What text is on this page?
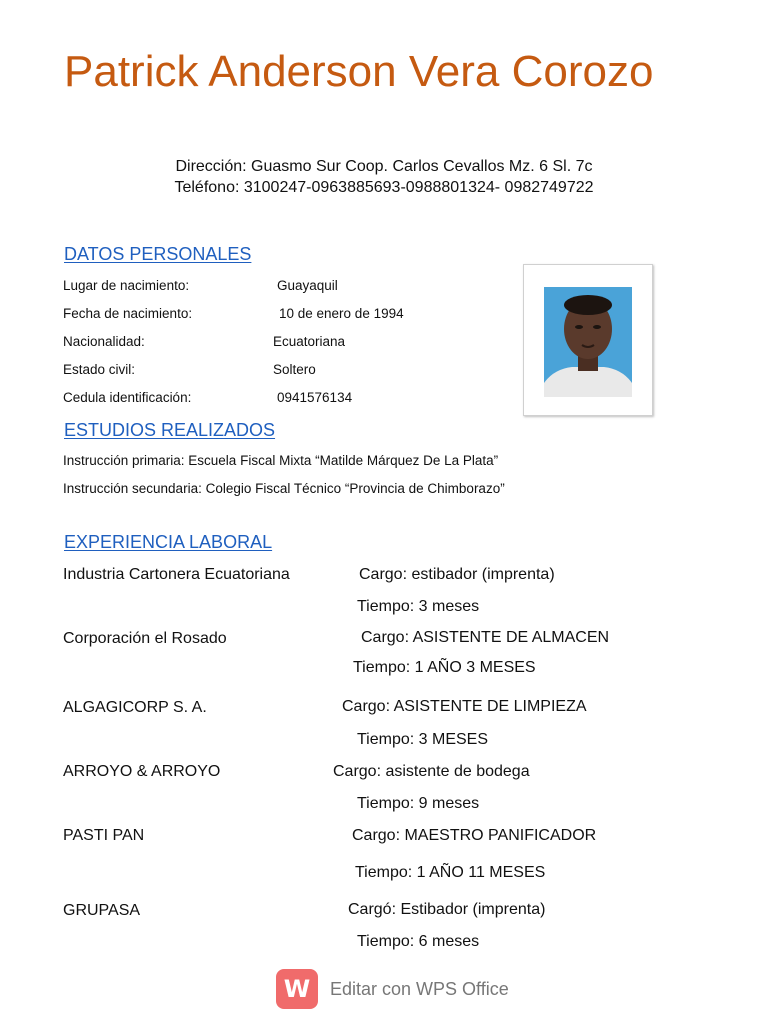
Patrick Anderson Vera Corozo
Dirección: Guasmo Sur Coop. Carlos Cevallos Mz. 6 Sl. 7c
Teléfono: 3100247-0963885693-0988801324- 0982749722
DATOS PERSONALES
Lugar de nacimiento:	Guayaquil
Fecha de nacimiento:	10 de enero de 1994
Nacionalidad:	Ecuatoriana
Estado civil:	Soltero
Cedula identificación:	0941576134
ESTUDIOS REALIZADOS
Instrucción primaria: Escuela Fiscal Mixta “Matilde Márquez De La Plata”
Instrucción secundaria: Colegio Fiscal Técnico “Provincia de Chimborazo”
EXPERIENCIA LABORAL
Industria Cartonera Ecuatoriana	Cargo: estibador (imprenta)
Tiempo: 3 meses
Corporación el Rosado	Cargo: ASISTENTE DE ALMACEN
Tiempo: 1 AÑO 3 MESES
ALGAGICORP S. A.	Cargo: ASISTENTE DE LIMPIEZA
Tiempo: 3 MESES
ARROYO & ARROYO	Cargo: asistente de bodega
Tiempo: 9 meses
PASTI PAN	Cargo: MAESTRO PANIFICADOR
Tiempo: 1 AÑO 11 MESES
GRUPASA	Cargó: Estibador (imprenta)
Tiempo: 6 meses
W	Editar con WPS Office
